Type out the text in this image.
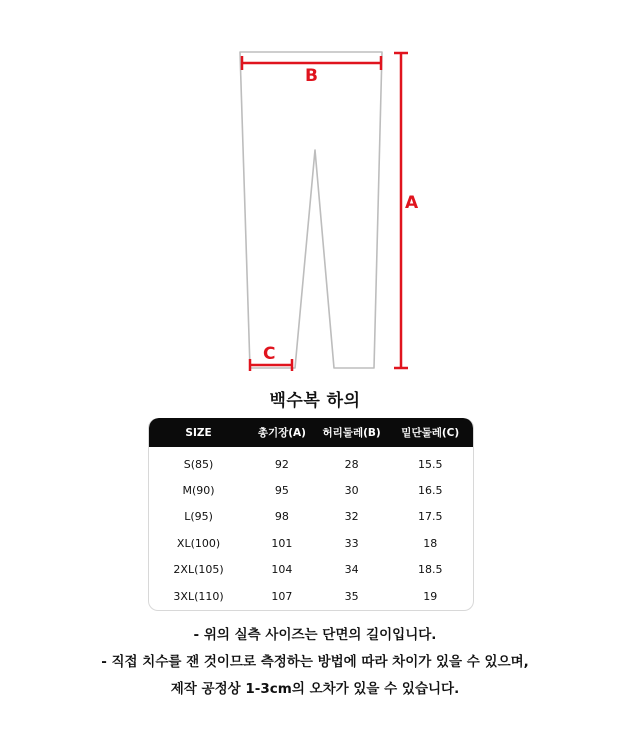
B
A
C
백수복 하의
SIZE	총기장(A)	허리둘레(B)	밑단둘레(C)
S(85)	92	28	15.5
M(90)	95	30	16.5
L(95)	98	32	17.5
XL(100)	101	33	18
2XL(105)	104	34	18.5
3XL(110)	107	35	19
- 위의 실측 사이즈는 단면의 길이입니다.
- 직접 치수를 잰 것이므로 측정하는 방법에 따라 차이가 있을 수 있으며,
제작 공정상 1-3cm의 오차가 있을 수 있습니다.
